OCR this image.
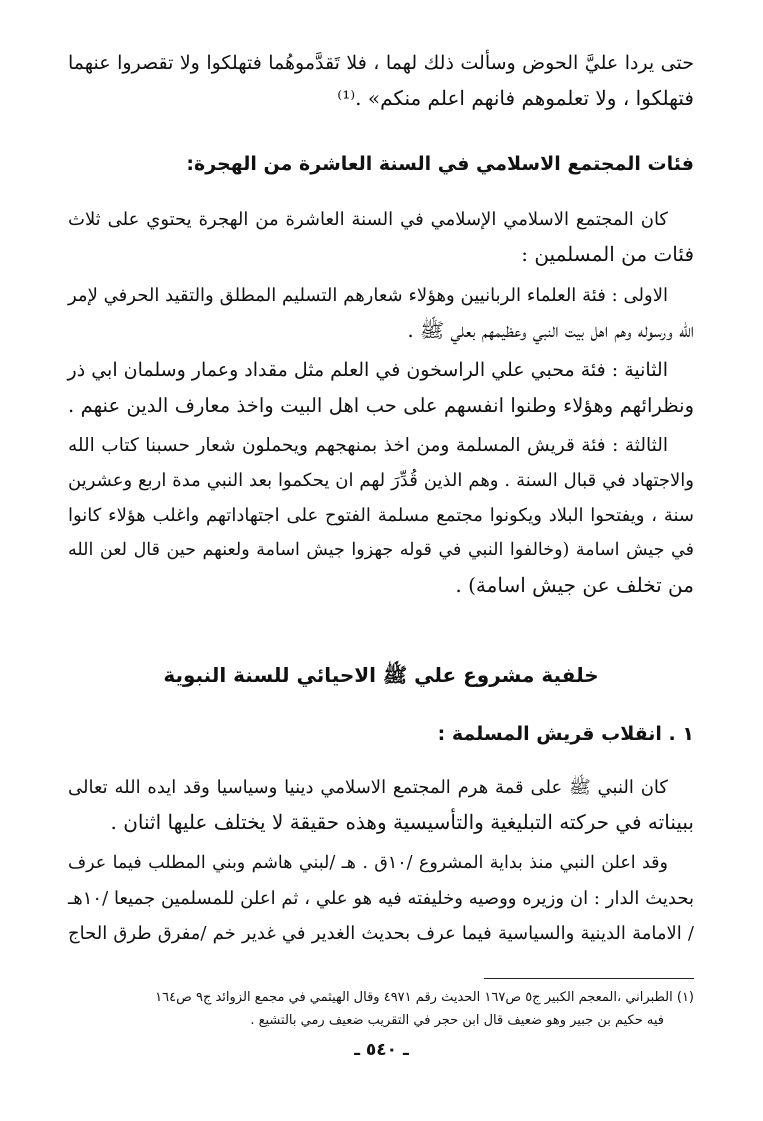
حتى يردا عليَّ الحوض وسألت ذلك لهما ، فلا تَقدَّموهُما فتهلكوا ولا تقصروا عنهما
فتهلكوا ، ولا تعلموهم فانهم اعلم منكم» .⁽¹⁾

فئات المجتمع الاسلامي في السنة العاشرة من الهجرة:

كان المجتمع الاسلامي الإسلامي في السنة العاشرة من الهجرة يحتوي على ثلاث
فئات من المسلمين :

الاولى : فئة العلماء الربانيين وهؤلاء شعارهم التسليم المطلق والتقيد الحرفي لإمر
الله ورسوله وهم اهل بيت النبي وعظيمهم بعلي ﷺ .

الثانية : فئة محبي علي الراسخون في العلم مثل مقداد وعمار وسلمان ابي ذر
ونظرائهم وهؤلاء وطنوا انفسهم على حب اهل البيت واخذ معارف الدين عنهم .

الثالثة : فئة قريش المسلمة ومن اخذ بمنهجهم ويحملون شعار حسبنا كتاب الله
والاجتهاد في قبال السنة . وهم الذين قُدِّرَ لهم ان يحكموا بعد النبي مدة اربع وعشرين
سنة ، ويفتحوا البلاد ويكونوا مجتمع مسلمة الفتوح على اجتهاداتهم واغلب هؤلاء كانوا
في جيش اسامة (وخالفوا النبي في قوله جهزوا جيش اسامة ولعنهم حين قال لعن الله
من تخلف عن جيش اسامة) .

خلفية مشروع علي ﷺ الاحيائي للسنة النبوية

١ . انقلاب قريش المسلمة :

كان النبي ﷺ على قمة هرم المجتمع الاسلامي دينيا وسياسيا وقد ايده الله تعالى
ببيناته في حركته التبليغية والتأسيسية وهذه حقيقة لا يختلف عليها اثنان .

وقد اعلن النبي منذ بداية المشروع /١٠ق . هـ /لبني هاشم وبني المطلب فيما عرف
بحديث الدار : ان وزيره ووصيه وخليفته فيه هو علي ، ثم اعلن للمسلمين جميعا /١٠هـ
/ الامامة الدينية والسياسية فيما عرف بحديث الغدير في غدير خم /مفرق طرق الحاج

(١) الطبراني ،المعجم الكبير ج٥ ص١٦٧ الحديث رقم ٤٩٧١ وقال الهيثمي في مجمع الزوائد ج٩ ص١٦٤
فيه حكيم بن جبير وهو ضعيف قال ابن حجر في التقريب ضعيف رمي بالتشيع .
ـ ٥٤٠ ـ
